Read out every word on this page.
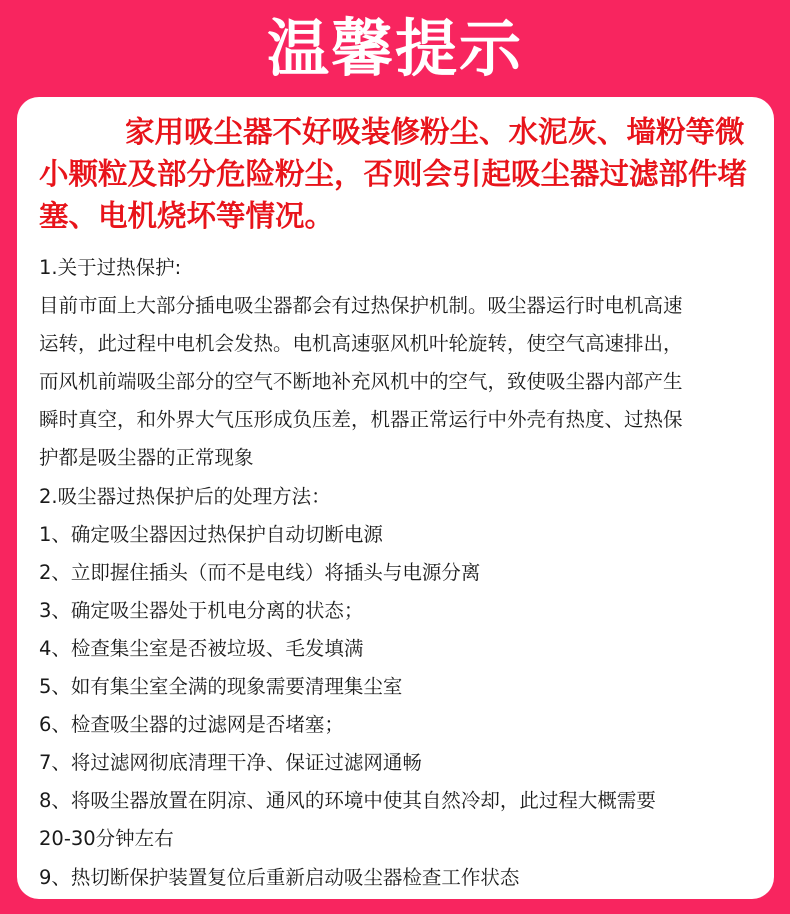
温馨提示

家用吸尘器不好吸装修粉尘、水泥灰、墙粉等微小颗粒及部分危险粉尘，否则会引起吸尘器过滤部件堵塞、电机烧坏等情况。

1.关于过热保护:

目前市面上大部分插电吸尘器都会有过热保护机制。吸尘器运行时电机高速

运转，此过程中电机会发热。电机高速驱风机叶轮旋转，使空气高速排出，

而风机前端吸尘部分的空气不断地补充风机中的空气，致使吸尘器内部产生

瞬时真空，和外界大气压形成负压差，机器正常运行中外壳有热度、过热保

护都是吸尘器的正常现象

2.吸尘器过热保护后的处理方法：

1、确定吸尘器因过热保护自动切断电源

2、立即握住插头（而不是电线）将插头与电源分离

3、确定吸尘器处于机电分离的状态；

4、检查集尘室是否被垃圾、毛发填满

5、如有集尘室全满的现象需要清理集尘室

6、检查吸尘器的过滤网是否堵塞；

7、将过滤网彻底清理干净、保证过滤网通畅

8、将吸尘器放置在阴凉、通风的环境中使其自然冷却，此过程大概需要

20-30分钟左右

9、热切断保护装置复位后重新启动吸尘器检查工作状态
